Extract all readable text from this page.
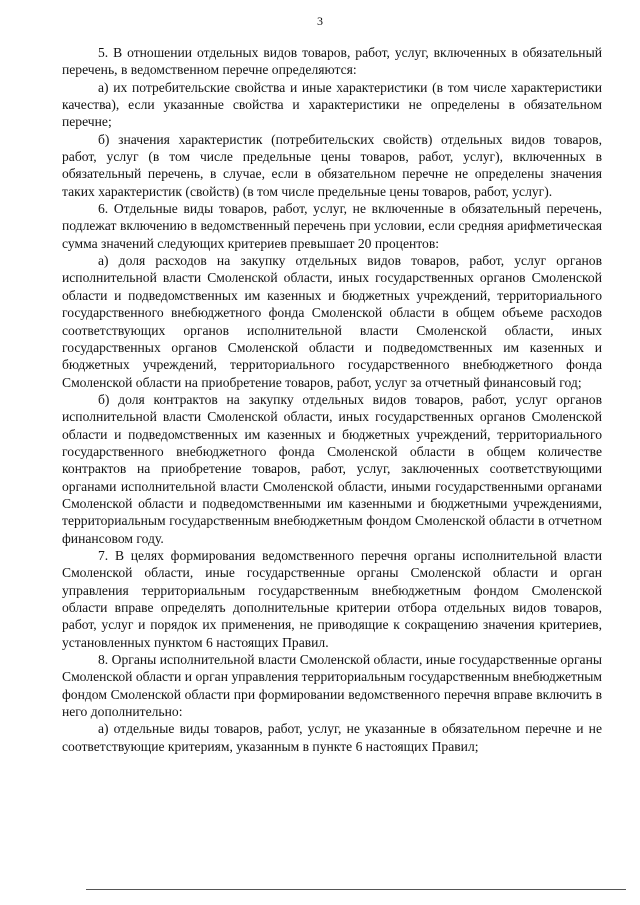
3

5. В отношении отдельных видов товаров, работ, услуг, включенных в обязательный перечень, в ведомственном перечне определяются:

а) их потребительские свойства и иные характеристики (в том числе характеристики качества), если указанные свойства и характеристики не определены в обязательном перечне;

б) значения характеристик (потребительских свойств) отдельных видов товаров, работ, услуг (в том числе предельные цены товаров, работ, услуг), включенных в обязательный перечень, в случае, если в обязательном перечне не определены значения таких характеристик (свойств) (в том числе предельные цены товаров, работ, услуг).

6. Отдельные виды товаров, работ, услуг, не включенные в обязательный перечень, подлежат включению в ведомственный перечень при условии, если средняя арифметическая сумма значений следующих критериев превышает 20 процентов:

а) доля расходов на закупку отдельных видов товаров, работ, услуг органов исполнительной власти Смоленской области, иных государственных органов Смоленской области и подведомственных им казенных и бюджетных учреждений, территориального государственного внебюджетного фонда Смоленской области в общем объеме расходов соответствующих органов исполнительной власти Смоленской области, иных государственных органов Смоленской области и подведомственных им казенных и бюджетных учреждений, территориального государственного внебюджетного фонда Смоленской области на приобретение товаров, работ, услуг за отчетный финансовый год;

б) доля контрактов на закупку отдельных видов товаров, работ, услуг органов исполнительной власти Смоленской области, иных государственных органов Смоленской области и подведомственных им казенных и бюджетных учреждений, территориального государственного внебюджетного фонда Смоленской области в общем количестве контрактов на приобретение товаров, работ, услуг, заключенных соответствующими органами исполнительной власти Смоленской области, иными государственными органами Смоленской области и подведомственными им казенными и бюджетными учреждениями, территориальным государственным внебюджетным фондом Смоленской области в отчетном финансовом году.

7. В целях формирования ведомственного перечня органы исполнительной власти Смоленской области, иные государственные органы Смоленской области и орган управления территориальным государственным внебюджетным фондом Смоленской области вправе определять дополнительные критерии отбора отдельных видов товаров, работ, услуг и порядок их применения, не приводящие к сокращению значения критериев, установленных пунктом 6 настоящих Правил.

8. Органы исполнительной власти Смоленской области, иные государственные органы Смоленской области и орган управления территориальным государственным внебюджетным фондом Смоленской области при формировании ведомственного перечня вправе включить в него дополнительно:

а) отдельные виды товаров, работ, услуг, не указанные в обязательном перечне и не соответствующие критериям, указанным в пункте 6 настоящих Правил;
